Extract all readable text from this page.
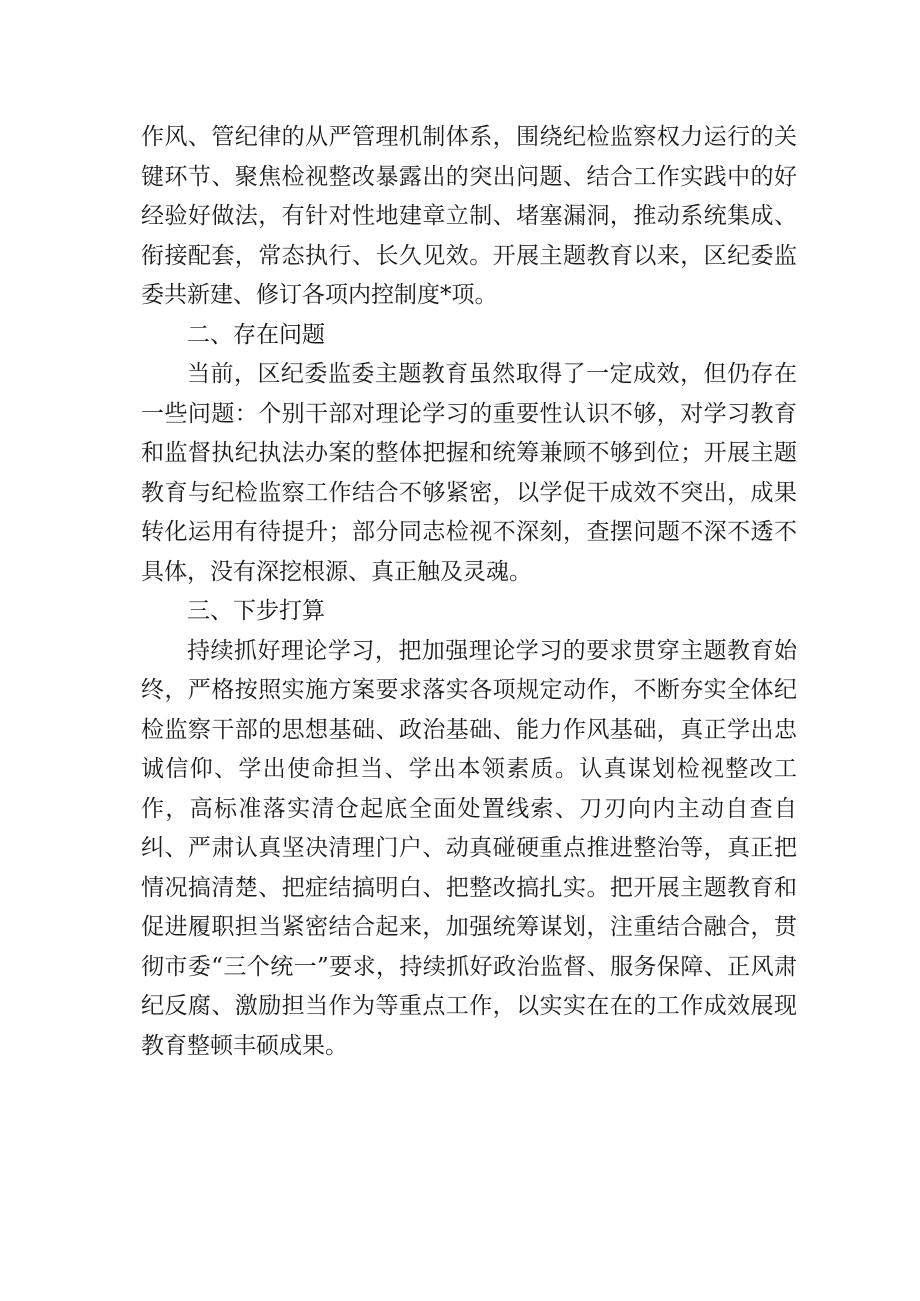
作风、管纪律的从严管理机制体系，围绕纪检监察权力运行的关键环节、聚焦检视整改暴露出的突出问题、结合工作实践中的好经验好做法，有针对性地建章立制、堵塞漏洞，推动系统集成、衔接配套，常态执行、长久见效。开展主题教育以来，区纪委监委共新建、修订各项内控制度*项。

二、存在问题

当前，区纪委监委主题教育虽然取得了一定成效，但仍存在一些问题：个别干部对理论学习的重要性认识不够，对学习教育和监督执纪执法办案的整体把握和统筹兼顾不够到位；开展主题教育与纪检监察工作结合不够紧密，以学促干成效不突出，成果转化运用有待提升；部分同志检视不深刻，查摆问题不深不透不具体，没有深挖根源、真正触及灵魂。

三、下步打算

持续抓好理论学习，把加强理论学习的要求贯穿主题教育始终，严格按照实施方案要求落实各项规定动作，不断夯实全体纪检监察干部的思想基础、政治基础、能力作风基础，真正学出忠诚信仰、学出使命担当、学出本领素质。认真谋划检视整改工作，高标准落实清仓起底全面处置线索、刀刃向内主动自查自纠、严肃认真坚决清理门户、动真碰硬重点推进整治等，真正把情况搞清楚、把症结搞明白、把整改搞扎实。把开展主题教育和促进履职担当紧密结合起来，加强统筹谋划，注重结合融合，贯彻市委“三个统一”要求，持续抓好政治监督、服务保障、正风肃纪反腐、激励担当作为等重点工作，以实实在在的工作成效展现教育整顿丰硕成果。
